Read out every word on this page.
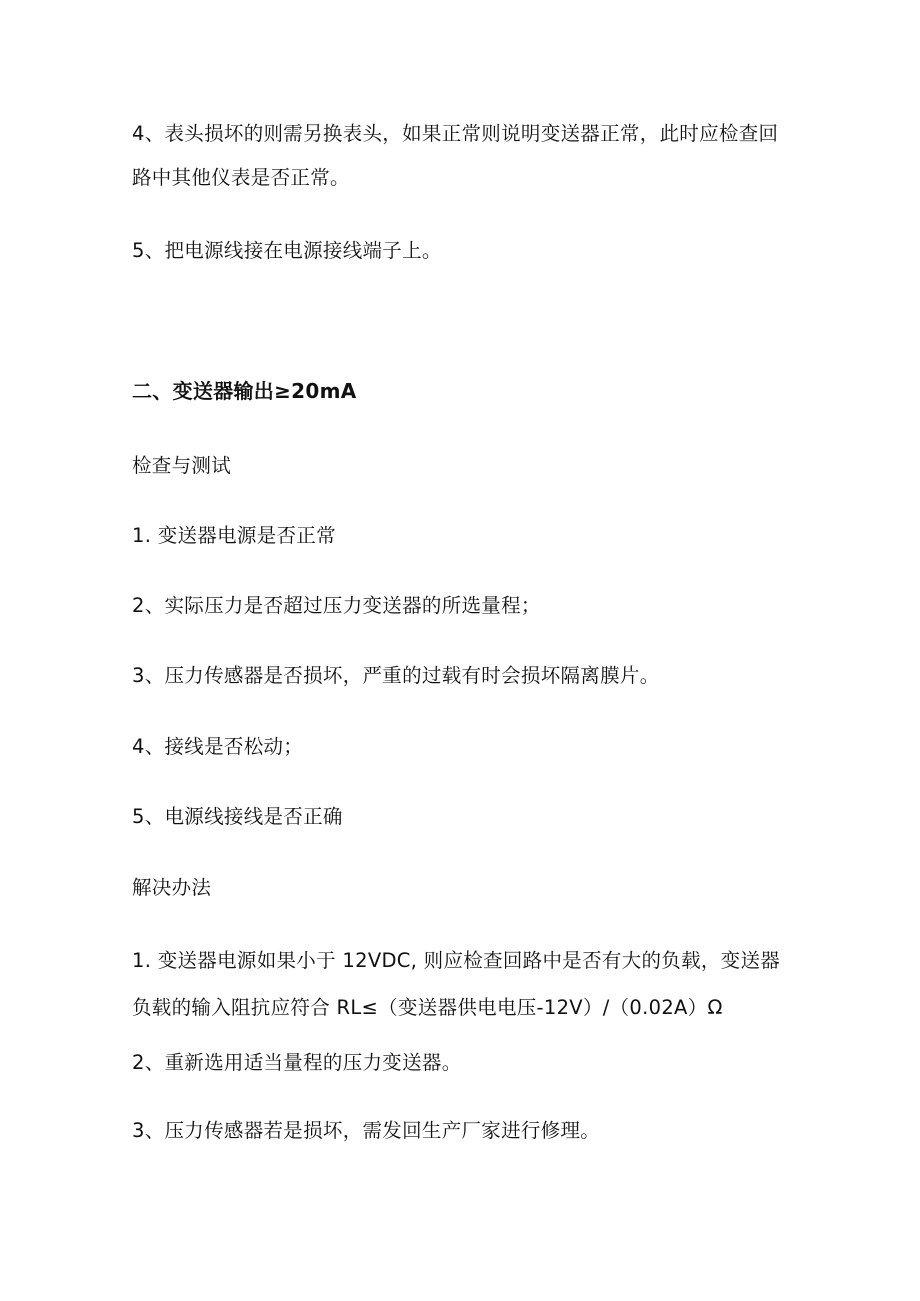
4、表头损坏的则需另换表头，如果正常则说明变送器正常，此时应检查回
路中其他仪表是否正常。
5、把电源线接在电源接线端子上。
二、变送器输出≥20mA
检查与测试
1. 变送器电源是否正常
2、实际压力是否超过压力变送器的所选量程；
3、压力传感器是否损坏，严重的过载有时会损坏隔离膜片。
4、接线是否松动；
5、电源线接线是否正确
解决办法
1. 变送器电源如果小于 12VDC, 则应检查回路中是否有大的负载，变送器
负载的输入阻抗应符合 RL≤（变送器供电电压-12V）/（0.02A）Ω
2、重新选用适当量程的压力变送器。
3、压力传感器若是损坏，需发回生产厂家进行修理。
